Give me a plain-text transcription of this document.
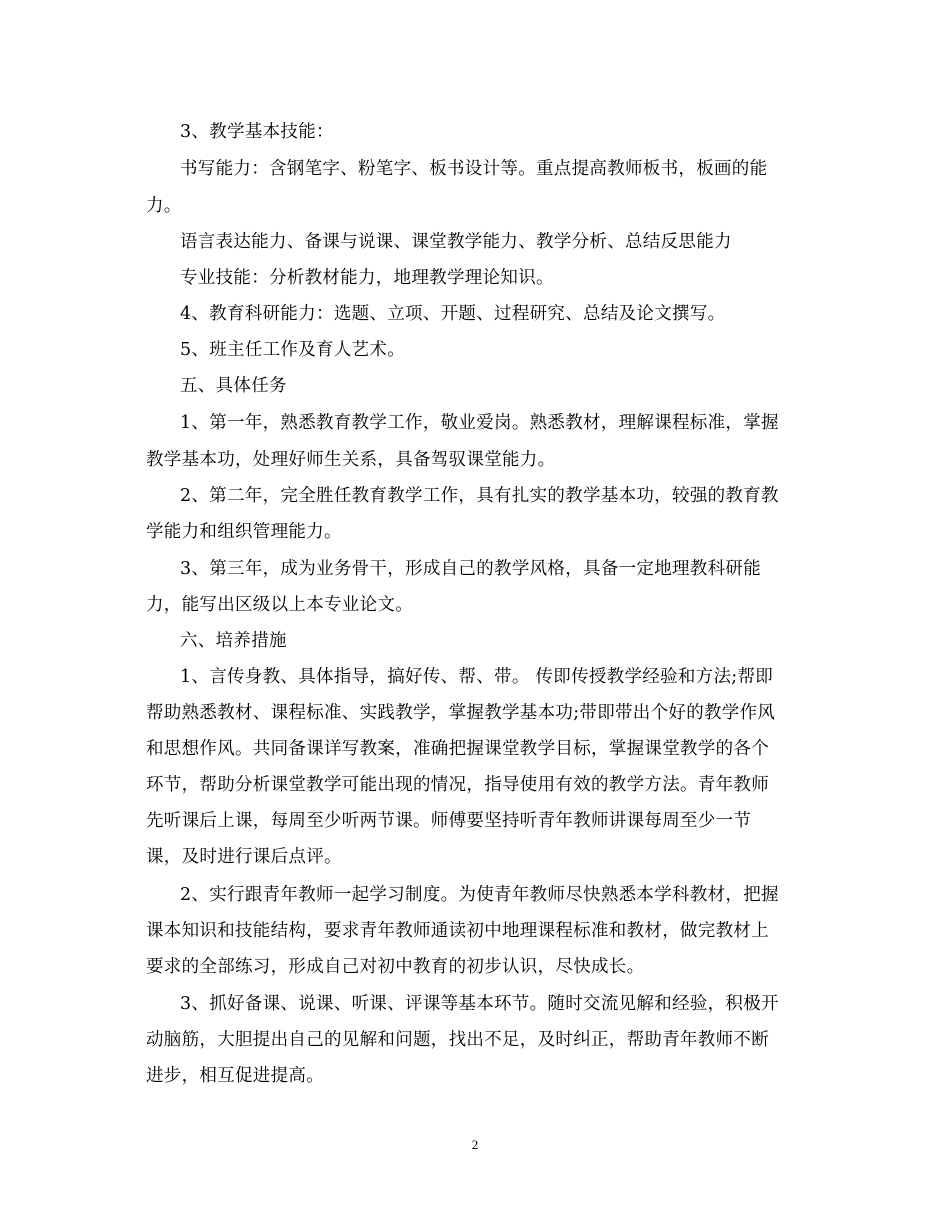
3、教学基本技能：
书写能力：含钢笔字、粉笔字、板书设计等。重点提高教师板书，板画的能
力。
语言表达能力、备课与说课、课堂教学能力、教学分析、总结反思能力
专业技能：分析教材能力，地理教学理论知识。
4、教育科研能力：选题、立项、开题、过程研究、总结及论文撰写。
5、班主任工作及育人艺术。
五、具体任务
1、第一年，熟悉教育教学工作，敬业爱岗。熟悉教材，理解课程标准，掌握
教学基本功，处理好师生关系，具备驾驭课堂能力。
2、第二年，完全胜任教育教学工作，具有扎实的教学基本功，较强的教育教
学能力和组织管理能力。
3、第三年，成为业务骨干，形成自己的教学风格，具备一定地理教科研能
力，能写出区级以上本专业论文。
六、培养措施
1、言传身教、具体指导，搞好传、帮、带。 传即传授教学经验和方法;帮即
帮助熟悉教材、课程标准、实践教学，掌握教学基本功;带即带出个好的教学作风
和思想作风。共同备课详写教案，准确把握课堂教学目标，掌握课堂教学的各个
环节，帮助分析课堂教学可能出现的情况，指导使用有效的教学方法。青年教师
先听课后上课，每周至少听两节课。师傅要坚持听青年教师讲课每周至少一节
课，及时进行课后点评。
2、实行跟青年教师一起学习制度。为使青年教师尽快熟悉本学科教材，把握
课本知识和技能结构，要求青年教师通读初中地理课程标准和教材，做完教材上
要求的全部练习，形成自己对初中教育的初步认识，尽快成长。
3、抓好备课、说课、听课、评课等基本环节。随时交流见解和经验，积极开
动脑筋，大胆提出自己的见解和问题，找出不足，及时纠正，帮助青年教师不断
进步，相互促进提高。
2
